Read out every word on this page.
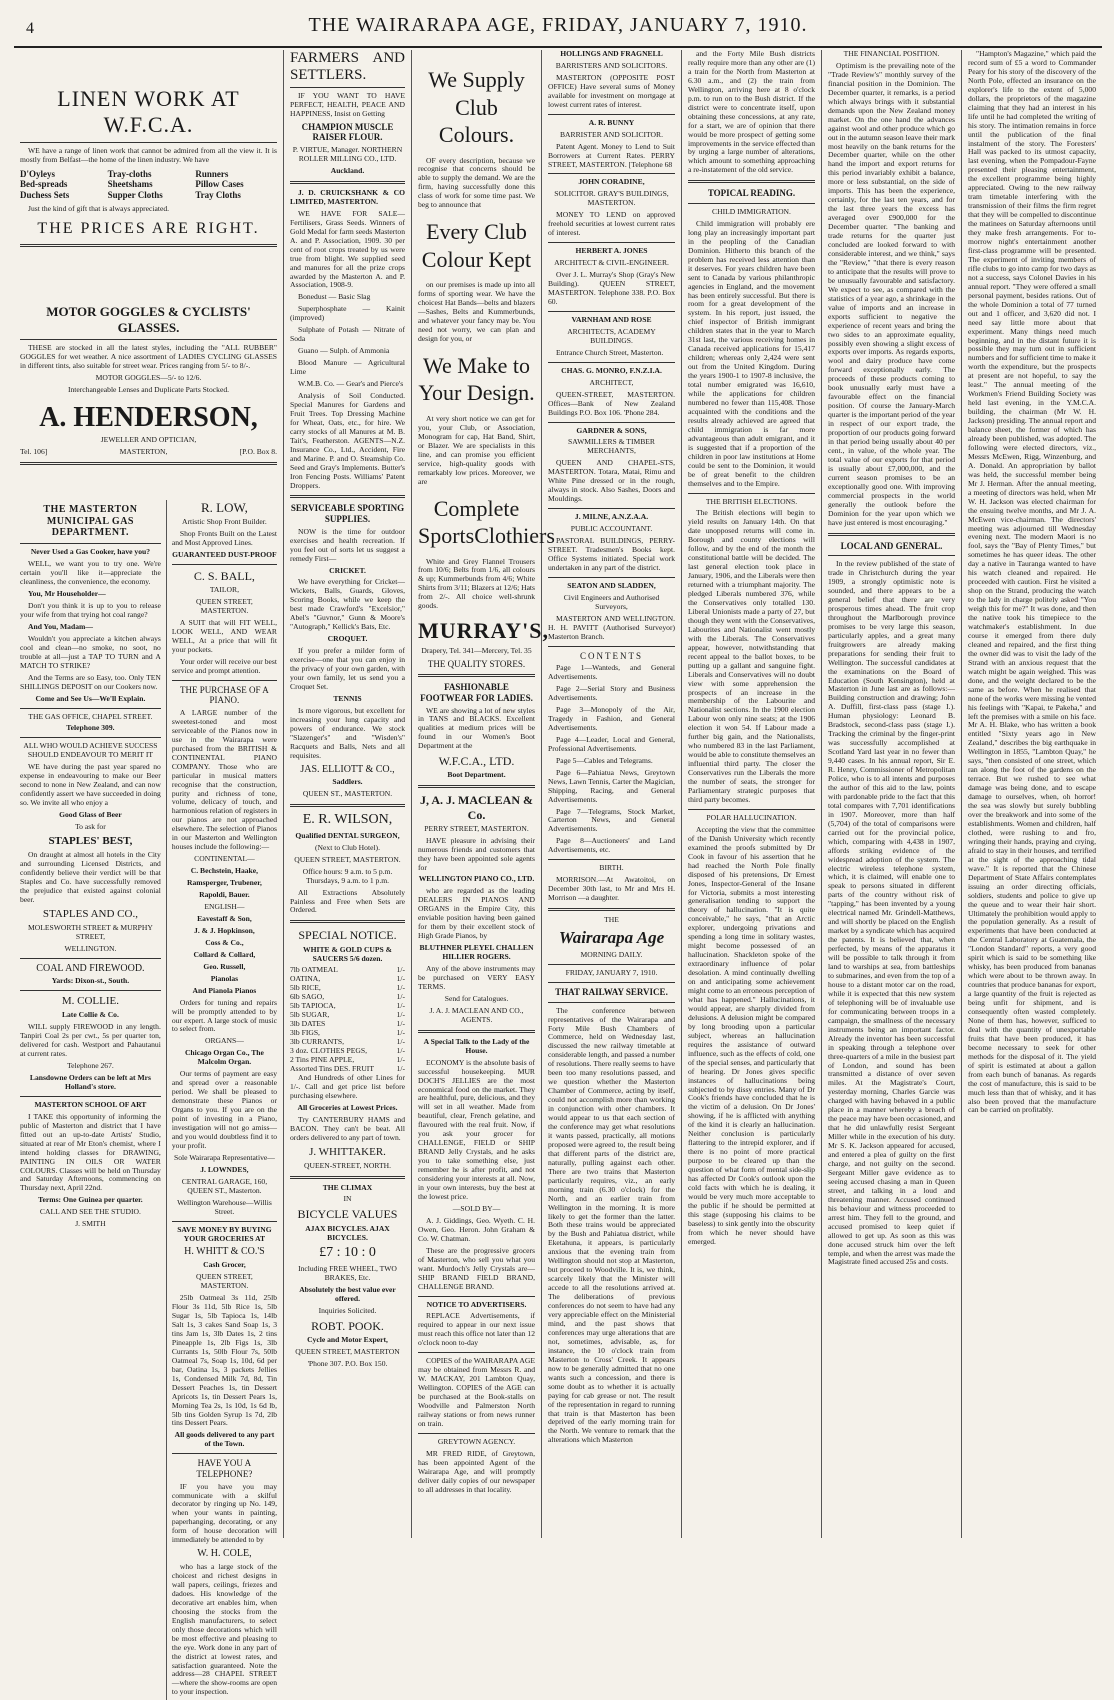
4	THE WAIRARAPA AGE, FRIDAY, JANUARY 7, 1910.
LINEN WORK AT W.F.C.A.

WE have a range of linen work that cannot be admired from all the view it. It is mostly from Belfast—the home of the linen industry. We have

D'Oyleys	Tray-cloths	Runners
Bed-spreads	Sheetshams	Pillow Cases
Duchess Sets	Supper Cloths	Tray Cloths

Just the kind of gift that is always appreciated.

THE PRICES ARE RIGHT.
MOTOR GOGGLES & CYCLISTS' GLASSES.

THESE are stocked in all the latest styles, including the "ALL RUBBER" GOGGLES for wet weather. A nice assortment of LADIES CYCLING GLASSES in different tints, also suitable for street wear. Prices ranging from 5/- to 8/-.

MOTOR GOGGLES—5/- to 12/6.

Interchangeable Lenses and Duplicate Parts Stocked.

A. HENDERSON,

JEWELLER AND OPTICIAN,

Tel. 106]	MASTERTON,	[P.O. Box 8.
THE MASTERTON MUNICIPAL GAS DEPARTMENT.

Never Used a Gas Cooker, have you?

WELL, we want you to try one. We're certain you'll like it—appreciate the cleanliness, the convenience, the economy.

You, Mr Householder—

Don't you think it is up to you to release your wife from that trying hot coal range?

And You, Madam—

Wouldn't you appreciate a kitchen always cool and clean—no smoke, no soot, no trouble at all—just a TAP TO TURN and A MATCH TO STRIKE?

And the Terms are so Easy, too. Only TEN SHILLINGS DEPOSIT on our Cookers now.

Come and See Us—We'll Explain.

THE GAS OFFICE, CHAPEL STREET.

Telephone 309.

ALL WHO WOULD ACHIEVE SUCCESS SHOULD ENDEAVOUR TO MERIT IT

WE have during the past year spared no expense in endeavouring to make our Beer second to none in New Zealand, and can now confidently assert we have succeeded in doing so. We invite all who enjoy a

Good Glass of Beer

To ask for

STAPLES' BEST,

On draught at almost all hotels in the City and surrounding Licensed Districts, and confidently believe their verdict will be that Staples and Co. have successfully removed the prejudice that existed against colonial beer.

STAPLES AND CO.,

MOLESWORTH STREET & MURPHY STREET,

WELLINGTON.

COAL AND FIREWOOD.

Yards: Dixon-st., South.

M. COLLIE.

Late Collie & Co.

WILL supply FIREWOOD in any length. Tanpiri Coal 2s per cwt., 5s per quarter ton, delivered for cash. Westport and Pahautanui at current rates.

Telephone 267.

Lansdowne Orders can be left at Mrs Holland's store.

MASTERTON SCHOOL OF ART

I TAKE this opportunity of informing the public of Masterton and district that I have fitted out an up-to-date Artists' Studio, situated at rear of Mr Eton's chemist, where I intend holding classes for DRAWING, PAINTING IN OILS OR WATER COLOURS. Classes will be held on Thursday and Saturday Afternoons, commencing on Thursday next, April 22nd.

Terms: One Guinea per quarter.

CALL AND SEE THE STUDIO.

J. SMITH

R. LOW,

Artistic Shop Front Builder.

Shop Fronts Built on the Latest and Most Approved Lines.

GUARANTEED DUST-PROOF

C. S. BALL,

TAILOR,

QUEEN STREET, MASTERTON.

A SUIT that will FIT WELL, LOOK WELL, AND WEAR WELL, At a price that will fit your pockets.

Your order will receive our best service and prompt attention.

THE PURCHASE OF A PIANO.

A LARGE number of the sweetest-toned and most serviceable of the Pianos now in use in the Wairarapa were purchased from the BRITISH & CONTINENTAL PIANO COMPANY. Those who are particular in musical matters recognise that the construction, purity and richness of tone, volume, delicacy of touch, and harmonious relation of registers in our pianos are not approached elsewhere. The selection of Pianos in our Masterton and Wellington houses include the following:—

CONTINENTAL—

C. Bechstein, Haake,

Ramsperger, Trubener,

Rapoldi, Bauer.

ENGLISH—

Eavestaff & Son,

J. & J. Hopkinson,

Coss & Co.,

Collard & Collard,

Geo. Russell,

Pianolas

And Pianola Pianos

Orders for tuning and repairs will be promptly attended to by our expert. A large stock of music to select from.

ORGANS—

Chicago Organ Co., The Malcolm Organ.

Our terms of payment are easy and spread over a reasonable period. We shall be pleased to demonstrate these Pianos or Organs to you. If you are on the point of investing in a Piano, investigation will not go amiss—and you would doubtless find it to your profit.

Sole Wairarapa Representative—

J. LOWNDES,

CENTRAL GARAGE, 160, QUEEN ST., Masterton.

Wellington Warehouse—Willis Street.

SAVE MONEY BY BUYING YOUR GROCERIES AT

H. WHITT & CO.'S

Cash Grocer,

QUEEN STREET, MASTERTON.

25lb Oatmeal 3s 11d, 25lb Flour 3s 11d, 5lb Rice 1s, 5lb Sugar 1s, 5lb Tapioca 1s, 14lb Salt 1s, 3 cakes Sand Soap 1s, 3 tins Jam 1s, 3lb Dates 1s, 2 tins Pineapple 1s, 2lb Figs 1s, 3lb Currants 1s, 50lb Flour 7s, 50lb Oatmeal 7s, Soap 1s, 10d, 6d per bar, Oatina 1s, 3 packets Jellies 1s, Condensed Milk 7d, 8d, Tin Dessert Peaches 1s, tin Dessert Apricots 1s, tin Dessert Pears 1s, Morning Tea 2s, 1s 10d, 1s 6d lb, 5lb tins Golden Syrup 1s 7d, 2lb tins Dessert Pears.

All goods delivered to any part of the Town.

HAVE YOU A TELEPHONE?

IF you have you may communicate with a skilful decorator by ringing up No. 149, when your wants in painting, paperhanging, decorating, or any form of house decoration will immediately be attended to by

W. H. COLE,

who has a large stock of the choicest and richest designs in wall papers, ceilings, friezes and dadoes. His knowledge of the decorative art enables him, when choosing the stocks from the English manufacturers, to select only those decorations which will be most effective and pleasing to the eye. Work done in any part of the district at lowest rates, and satisfaction guaranteed. Note the address—28 CHAPEL STREET—where the show-rooms are open to your inspection.

FARMERS AND SETTLERS.

IF YOU WANT TO HAVE PERFECT, HEALTH, PEACE AND HAPPINESS, Insist on Getting

CHAMPION MUSCLE RAISER FLOUR.

P. VIRTUE, Manager. NORTHERN ROLLER MILLING CO., LTD.

Auckland.

J. D. CRUICKSHANK & CO LIMITED, MASTERTON.

WE HAVE FOR SALE—Fertilisers, Grass Seeds. Winners of Gold Medal for farm seeds Masterton A. and P. Association, 1909. 30 per cent of root crops treated by us were true from blight. We supplied seed and manures for all the prize crops awarded by the Masterton A. and P. Association, 1908-9.

Bonedust — Basic Slag

Superphosphate — Kainit (improved)

Sulphate of Potash — Nitrate of Soda

Guano — Sulph. of Ammonia

Blood Manure — Agricultural Lime

W.M.B. Co. — Gear's and Pierce's

Analysis of Soil Conducted. Special Manures for Gardens and Fruit Trees. Top Dressing Machine for Wheat, Oats, etc., for hire. We carry stocks of all Manures at M. B. Tait's, Featherston. AGENTS—N.Z. Insurance Co., Ltd., Accident, Fire and Marine. P. and O. Steamship Co. Seed and Gray's Implements. Butter's Iron Fencing Posts. Williams' Patent Droppers.

SERVICEABLE SPORTING SUPPLIES.

NOW is the time for outdoor exercises and health recreation. If you feel out of sorts let us suggest a remedy First—

CRICKET.

We have everything for Cricket—Wickets, Balls, Guards, Gloves, Scoring Books, while we keep the best made Crawford's "Excelsior," Abel's "Guvnor," Gunn & Moore's "Autograph," Kellick's Bats, Etc.

CROQUET.

If you prefer a milder form of exercise—one that you can enjoy in the privacy of your own garden, with your own family, let us send you a Croquet Set.

TENNIS

Is more vigorous, but excellent for increasing your lung capacity and powers of endurance. We stock "Slazenger's" and "Wisden's" Racquets and Balls, Nets and all requisites.

JAS. ELLIOTT & CO.,

Saddlers.

QUEEN ST., MASTERTON.

E. R. WILSON,

Qualified DENTAL SURGEON,

(Next to Club Hotel).

QUEEN STREET, MASTERTON.

Office hours: 9 a.m. to 5 p.m. Thursdays, 9 a.m. to 1 p.m.

All Extractions Absolutely Painless and Free when Sets are Ordered.

SPECIAL NOTICE.

WHITE & GOLD CUPS & SAUCERS 5/6 dozen.

7lb OATMEAL	1/-
OATINA,	1/-
5lb RICE,	1/-
6lb SAGO,	1/-
5lb TAPIOCA,	1/-
5lb SUGAR,	1/-
3lb DATES	1/-
3lb FIGS,	1/-
3lb CURRANTS,	1/-
3 doz. CLOTHES PEGS,	1/-
2 Tins PINE APPLE,	1/-
Assorted Tins DES. FRUIT	1/-

And Hundreds of other Lines for 1/-. Call and get price list before purchasing elsewhere.

All Groceries at Lowest Prices.

Try CANTERBURY HAMS and BACON. They can't be beat. All orders delivered to any part of town.

J. WHITTAKER.

QUEEN-STREET, NORTH.

THE CLIMAX

IN

BICYCLE VALUES

AJAX BICYCLES. AJAX BICYCLES.

£7 : 10 : 0

Including FREE WHEEL, TWO BRAKES, Etc.

Absolutely the best value ever offered.

Inquiries Solicited.

ROBT. POOK.

Cycle and Motor Expert,

QUEEN STREET, MASTERTON

'Phone 307. P.O. Box 150.

We Supply Club Colours.

OF every description, because we recognise that concerns should be able to supply the demand. We are the firm, having successfully done this class of work for some time past. We beg to announce that

Every Club Colour Kept

on our premises is made up into all forms of sporting wear. We have the choicest Hat Bands—belts and blazers—Sashes, Belts and Kummerbunds, and whatever your fancy may be. You need not worry, we can plan and design for you, or

We Make to Your Design.

At very short notice we can get for you, your Club, or Association, Monogram for cap, Hat Band, Shirt, or Blazer. We are specialists in this line, and can promise you efficient service, high-quality goods with remarkably low prices. Moreover, we are

Complete SportsClothiers

White and Grey Flannel Trousers from 10/6; Belts from 1/6, all colours & up; Kummerbunds from 4/6; White Shirts from 3/11; Blazers at 12/6; Hats from 2/-. All choice well-shrunk goods.

MURRAY'S,

Drapery, Tel. 341—Mercery, Tel. 35

THE QUALITY STORES.

FASHIONABLE FOOTWEAR FOR LADIES.

WE are showing a lot of new styles in TANS and BLACKS. Excellent qualities at medium prices will be found in our Women's Boot Department at the

W.F.C.A., LTD.

Boot Department.

J, A. J. MACLEAN & Co.

PERRY STREET, MASTERTON.

HAVE pleasure in advising their numerous friends and customers that they have been appointed sole agents for

WELLINGTON PIANO CO., LTD.

who are regarded as the leading DEALERS IN PIANOS AND ORGANS in the Empire City, this enviable position having been gained for them by their excellent stock of High Grade Pianos, by

BLUTHNER PLEYEL CHALLEN HILLIER ROGERS.

Any of the above instruments may be purchased on VERY EASY TERMS.

Send for Catalogues.

J. A. J. MACLEAN AND CO., AGENTS.

A Special Talk to the Lady of the House.

ECONOMY is the absolute basis of successful housekeeping. MUR DOCH'S JELLIES are the most economical food on the market. They are healthful, pure, delicious, and they will set in all weather. Made from beautiful, clear, French gelatine, and flavoured with the real fruit. Now, if you ask your grocer for CHALLENGE, FIELD or SHIP BRAND Jelly Crystals, and he asks you to take something else, just remember he is after profit, and not considering your interests at all. Now, in your own interests, buy the best at the lowest price.

—SOLD BY—

A. J. Giddings, Geo. Wyeth. C. H. Owen, Geo. Heron. John Graham & Co. W. Chatman.

These are the progressive grocers of Masterton, who sell you what you want. Murdoch's Jelly Crystals are—SHIP BRAND FIELD BRAND, CHALLENGE BRAND.

NOTICE TO ADVERTISERS.

REPLACE Advertisements, if required to appear in our next issue must reach this office not later than 12 o'clock noon to-day

COPIES of the WAIRARAPA AGE may be obtained from Messrs R. and W. MACKAY, 201 Lambton Quay, Wellington. COPIES of the AGE can be purchased at the Book-stalls on Woodville and Palmerston North railway stations or from news runner on train.

GREYTOWN AGENCY.

MR FRED RIDE, of Greytown, has been appointed Agent of the Wairarapa Age, and will promptly deliver daily copies of our newspaper to all addresses in that locality.

HOLLINGS AND FRAGNELL

BARRISTERS AND SOLICITORS.

MASTERTON (OPPOSITE POST OFFICE) Have several sums of Money available for investment on mortgage at lowest current rates of interest.

A. R. BUNNY

BARRISTER AND SOLICITOR.

Patent Agent. Money to Lend to Suit Borrowers at Current Rates. PERRY STREET, MASTERTON. [Telephone 68

JOHN CORADINE,

SOLICITOR. GRAY'S BUILDINGS, MASTERTON.

MONEY TO LEND on approved freehold securities at lowest current rates of interest.

HERBERT A. JONES

ARCHITECT & CIVIL-ENGINEER.

Over J. L. Murray's Shop (Gray's New Building). QUEEN STREET, MASTERTON. Telephone 338. P.O. Box 60.

VARNHAM AND ROSE

ARCHITECTS, ACADEMY BUILDINGS.

Entrance Church Street, Masterton.

CHAS. G. MONRO, F.N.Z.I.A.

ARCHITECT,

QUEEN-STREET, MASTERTON. Offices—Bank of New Zealand Buildings P.O. Box 106. 'Phone 284.

GARDNER & SONS,

SAWMILLERS & TIMBER MERCHANTS,

QUEEN AND CHAPEL-STS, MASTERTON. Totara, Matai, Rimu and White Pine dressed or in the rough, always in stock. Also Sashes, Doors and Mouldings.

J. MILNE, A.N.Z.A.A.

PUBLIC ACCOUNTANT.

PASTORAL BUILDINGS, PERRY-STREET. Tradesmen's Books kept. Office Systems initiated. Special work undertaken in any part of the district.

SEATON AND SLADDEN,

Civil Engineers and Authorised Surveyors,

MASTERTON AND WELLINGTON. H. H. PAVITT (Authorised Surveyor) Masterton Branch.

CONTENTS

Page 1—Wanteds, and General Advertisements.

Page 2—Serial Story and Business Advertisements.

Page 3—Monopoly of the Air, Tragedy in Fashion, and General Advertisements.

Page 4—Leader, Local and General, Professional Advertisements.

Page 5—Cables and Telegrams.

Page 6—Pahiatua News, Greytown News, Lawn Tennis, Carter the Magician, Shipping, Racing, and General Advertisements.

Page 7—Telegrams, Stock Market, Carterton News, and General Advertisements.

Page 8—Auctioneers' and Land Advertisements, etc.

BIRTH.

MORRISON.—At Awatoitoi, on December 30th last, to Mr and Mrs H. Morrison —a daughter.

THE

Wairarapa Age

MORNING DAILY.

FRIDAY, JANUARY 7, 1910.

THAT RAILWAY SERVICE.

The conference between representatives of the Wairarapa and Forty Mile Bush Chambers of Commerce, held on Wednesday last, discussed the new railway timetable at considerable length, and passed a number of resolutions. There really seems to have been too many resolutions passed, and we question whether the Masterton Chamber of Commerce, acting by itself, could not accomplish more than working in conjunction with other chambers. It would appear to us that each section of the conference may get what resolutions it wants passed, practically, all motions proposed were agreed to, the result being that different parts of the district are, naturally, pulling against each other. There are two trains that Masterton particularly requires, viz., an early morning train (6.30 o'clock) for the North, and an earlier train from Wellington in the morning. It is more likely to get the former than the latter. Both these trains would be appreciated by the Bush and Pahiatua district, while Eketahuna, it appears, is particularly anxious that the evening train from Wellington should not stop at Masterton, but proceed to Woodville. It is, we think, scarcely likely that the Minister will accede to all the resolutions arrived at. The deliberations of previous conferences do not seem to have had any very appreciable effect on the Ministerial mind, and the past shows that conferences may urge alterations that are not, sometimes, advisable, as, for instance, the 10 o'clock train from Masterton to Cross' Creek. It appears now to be generally admitted that no one wants such a concession, and there is some doubt as to whether it is actually paying for cab grease or not. The result of the representation in regard to running that train is that Masterton has been deprived of the early morning train for the North. We venture to remark that the alterations which Masterton

and the Forty Mile Bush districts really require more than any other are (1) a train for the North from Masterton at 6.30 a.m., and (2) the train from Wellington, arriving here at 8 o'clock p.m. to run on to the Bush district. If the district were to concentrate itself, upon obtaining these concessions, at any rate, for a start, we are of opinion that there would be more prospect of getting some improvements in the service effected than by urging a large number of alterations, which amount to something approaching a re-instatement of the old service.

TOPICAL READING.

CHILD IMMIGRATION.

Child immigration will probably ere long play an increasingly important part in the peopling of the Canadian Dominion. Hitherto this branch of the problem has received less attention than it deserves. For years children have been sent to Canada by various philanthropic agencies in England, and the movement has been entirely successful. But there is room for a great development of the system. In his report, just issued, the chief inspector of British immigrant children states that in the year to March 31st last, the various receiving homes in Canada received applications for 15,417 children; whereas only 2,424 were sent out from the United Kingdom. During the years 1900-1 to 1907-8 inclusive, the total number emigrated was 16,610, while the applications for children numbered no fewer than 115,408. Those acquainted with the conditions and the results already achieved are agreed that child immigration is far more advantageous than adult emigrant, and it is suggested that if a proportion of the children in poor law institutions at Home could be sent to the Dominion, it would be of great benefit to the children themselves and to the Empire.

THE BRITISH ELECTIONS.

The British elections will begin to yield results on January 14th. On that date unopposed returns will come in. Borough and county elections will follow, and by the end of the month the constitutional battle will be decided. The last general election took place in January, 1906, and the Liberals were then returned with a triumphant majority. The pledged Liberals numbered 376, while the Conservatives only totalled 130. Liberal Unionists made a party of 27, but though they went with the Conservatives, Labourites and Nationalist went mostly with the Liberals. The Conservatives appear, however, notwithstanding that recent appeal to the ballot boxes, to be putting up a gallant and sanguine fight. Liberals and Conservatives will no doubt view with some apprehension the prospects of an increase in the membership of the Labourite and Nationalist sections. In the 1900 election Labour won only nine seats; at the 1906 election it won 54. If Labour made a further big gain, and the Nationalists, who numbered 83 in the last Parliament, would be able to constitute themselves an influential third party. The closer the Conservatives run the Liberals the more the number of seats, the stronger for Parliamentary strategic purposes that third party becomes.

POLAR HALLUCINATION.

Accepting the view that the committee of the Danish University which recently examined the proofs submitted by Dr Cook in favour of his assertion that he had reached the North Pole finally disposed of his pretensions, Dr Ernest Jones, Inspector-General of the Insane for Victoria, submits a most interesting generalisation tending to support the theory of hallucination. "It is quite conceivable," he says, "that an Arctic explorer, undergoing privations and spending a long time in solitary wastes, might become possessed of an hallucination. Shackleton spoke of the extraordinary influence of polar desolation. A mind continually dwelling on and anticipating some achievement might come to an erroneous perception of what has happened." Hallucinations, it would appear, are sharply divided from delusions. A delusion might be compared by long brooding upon a particular subject, whereas an hallucination requires the assistance of outward influence, such as the effects of cold, one of the special senses, and particularly that of hearing. Dr Jones gives specific instances of hallucinations being subjected to by dissy entries. Many of Dr Cook's friends have concluded that he is the victim of a delusion. On Dr Jones' showing, if he is afflicted with anything of the kind it is clearly an hallucination. Neither conclusion is particularly flattering to the intrepid explorer, and if there is no point of more practical purpose to be cleared up than the question of what form of mental side-slip has affected Dr Cook's outlook upon the cold facts with which he is dealing, it would be very much more acceptable to the public if he should be permitted at this stage (supposing his claims to be baseless) to sink gently into the obscurity from which he never should have emerged.

THE FINANCIAL POSITION.

Optimism is the prevailing note of the "Trade Review's" monthly survey of the financial position in the Dominion. The December quarter, it remarks, is a period which always brings with it substantial demands upon the New Zealand money market. On the one hand the advances against wool and other produce which go out in the autumn season leave their mark most heavily on the bank returns for the December quarter, while on the other hand the import and export returns for this period invariably exhibit a balance, more or less substantial, on the side of imports. This has been the experience, certainly, for the last ten years, and for the last three years the excess has averaged over £900,000 for the December quarter. "The banking and trade returns for the quarter just concluded are looked forward to with considerable interest, and we think," says the "Review," "that there is every reason to anticipate that the results will prove to be unusually favourable and satisfactory. We expect to see, as compared with the statistics of a year ago, a shrinkage in the value of imports and an increase in exports sufficient to negative the experience of recent years and bring the two sides to an approximate equality, possibly even showing a slight excess of exports over imports. As regards exports, wool and dairy produce have come forward exceptionally early. The proceeds of these products coming to book unusually early must have a favourable effect on the financial position. Of course the January-March quarter is the important period of the year in respect of our export trade, the proportion of our products going forward in that period being usually about 40 per cent., in value, of the whole year. The total value of our exports for that period is usually about £7,000,000, and the current season promises to be an exceptionally good one. With improving commercial prospects in the world generally the outlook before the Dominion for the year upon which we have just entered is most encouraging."

LOCAL AND GENERAL.

In the review published of the state of trade in Christchurch during the year 1909, a strongly optimistic note is sounded, and there appears to be a general belief that there are very prosperous times ahead. The fruit crop throughout the Marlborough province promises to be very large this season, particularly apples, and a great many fruitgrowers are already making preparations for sending their fruit to Wellington. The successful candidates at the examinations on the Board of Education (South Kensington), held at Masterton in June last are as follows:—Building construction and drawing; John A. Duffill, first-class pass (stage I.). Human physiology: Leonard B. Bradstock, second-class pass (stage I.). Tracking the criminal by the finger-print was successfully accomplished at Scotland Yard last year in no fewer than 9,440 cases. In his annual report, Sir E. R. Henry, Commissioner of Metropolitan Police, who is to all intents and purposes the author of this aid to the law, points with pardonable pride to the fact that this total compares with 7,701 identifications in 1907. Moreover, more than half (5,704) of the total of comparisons were carried out for the provincial police, which, comparing with 4,438 in 1907, affords striking evidence of the widespread adoption of the system. The electric wireless telephone system, which, it is claimed, will enable one to speak to persons situated in different parts of the country without risk of "tapping," has been invented by a young electrical named Mr. Grindell-Matthews, and will shortly be placed on the English market by a syndicate which has acquired the patents. It is believed that, when perfected, by means of the apparatus it will be possible to talk through it from land to warships at sea, from battleships to submarines, and even from the top of a house to a distant motor car on the road, while it is expected that this new system of telephoning will be of invaluable use for communicating between troops in a campaign, the smallness of the necessary instruments being an important factor. Already the inventor has been successful in speaking through a telephone over three-quarters of a mile in the busiest part of London, and sound has been transmitted a distance of over seven miles. At the Magistrate's Court, yesterday morning, Charles Garcie was charged with having behaved in a public place in a manner whereby a breach of the peace may have been occasioned, and that he did unlawfully resist Sergeant Miller while in the execution of his duty. Mr S. K. Jackson appeared for accused, and entered a plea of guilty on the first charge, and not guilty on the second. Sergeant Miller gave evidence as to seeing accused chasing a man in Queen street, and talking in a loud and threatening manner. Accused continued his behaviour and witness proceeded to arrest him. They fell to the ground, and accused promised to keep quiet if allowed to get up. As soon as this was done accused struck him over the left temple, and when the arrest was made the Magistrate fined accused 25s and costs.

"Hampton's Magazine," which paid the record sum of £5 a word to Commander Peary for his story of the discovery of the North Pole, effected an insurance on the explorer's life to the extent of 5,000 dollars, the proprietors of the magazine claiming that they had an interest in his life until he had completed the writing of his story. The intimation remains in force until the publication of the final instalment of the story. The Foresters' Hall was packed to its utmost capacity, last evening, when the Pompadour-Fayne presented their pleasing entertainment, the excellent programme being highly appreciated. Owing to the new railway tram timetable interfering with the transmission of their films the firm regret that they will be compelled to discontinue the matinees on Saturday afternoons until they make fresh arrangements. For to-morrow night's entertainment another first-class programme will be presented. The experiment of inviting members of rifle clubs to go into camp for two days as not a success, says Colonel Davies in his annual report. "They were offered a small personal payment, besides rations. Out of the whole Dominion a total of 77 turned out and 1 officer, and 3,620 did not. I need say little more about that experiment. Many things need much beginning, and in the distant future it is possible they may turn out in sufficient numbers and for sufficient time to make it worth the expenditure, but the prospects at present are not hopeful, to say the least." The annual meeting of the Workmen's Friend Building Society was held last evening, in the Y.M.C.A. building, the chairman (Mr W. H. Jackson) presiding. The annual report and balance sheet, the former of which has already been published, was adopted. The following were elected directors, viz., Messrs McEwen, Rigg, Winzenburg, and A. Donald. An appropriation by ballot was held, the successful member being Mr J. Herman. After the annual meeting, a meeting of directors was held, when Mr W. H. Jackson was elected chairman for the ensuing twelve months, and Mr J. A. McEwen vice-chairman. The directors' meeting was adjourned till Wednesday evening next. The modern Maori is no fool, says the "Bay of Plenty Times," but sometimes he has queer ideas. The other day a native in Tauranga wanted to have his watch cleaned and repaired. He proceeded with caution. First he visited a shop on the Strand, producing the watch to the lady in charge politely asked "You weigh this for me?" It was done, and then the native took his timepiece to the watchmaker's establishment. In due course it emerged from there duly cleaned and repaired, and the first thing the owner did was to visit the lady of the Strand with an anxious request that the watch might be again weighed. This was done, and the weight declared to be the same as before. When he realised that none of the works were missing he vented his feelings with "Kapai, te Pakeha," and left the premises with a smile on his face. Mr A. H. Blake, who has written a book entitled "Sixty years ago in New Zealand," describes the big earthquake in Wellington in 1855, "Lambton Quay," he says, "then consisted of one street, which ran along the foot of the gardens on the terrace. But we rushed to see what damage was being done, and to escape damage to ourselves, when, oh horror! the sea was slowly but surely bubbling over the breakwork and into some of the establishments. Women and children, half clothed, were rushing to and fro, wringing their hands, praying and crying, afraid to stay in their houses, and terrified at the sight of the approaching tidal wave." It is reported that the Chinese Department of State Affairs contemplates issuing an order directing officials, soldiers, students and police to give up the queue and to wear their hair short. Ultimately the prohibition would apply to the population generally. As a result of experiments that have been conducted at the Central Laboratory at Guatemala, the "London Standard" reports, a very good spirit which is said to be something like whisky, has been produced from bananas which were about to be thrown away. In countries that produce bananas for export, a large quantity of the fruit is rejected as being unfit for shipment, and is consequently often wasted completely. None of them has, however, sufficed to deal with the quantity of unexportable fruits that have been produced, it has become necessary to seek for other methods for the disposal of it. The yield of spirit is estimated at about a gallon from each bunch of bananas. As regards the cost of manufacture, this is said to be much less than that of whisky, and it has also been proved that the manufacture can be carried on profitably.
